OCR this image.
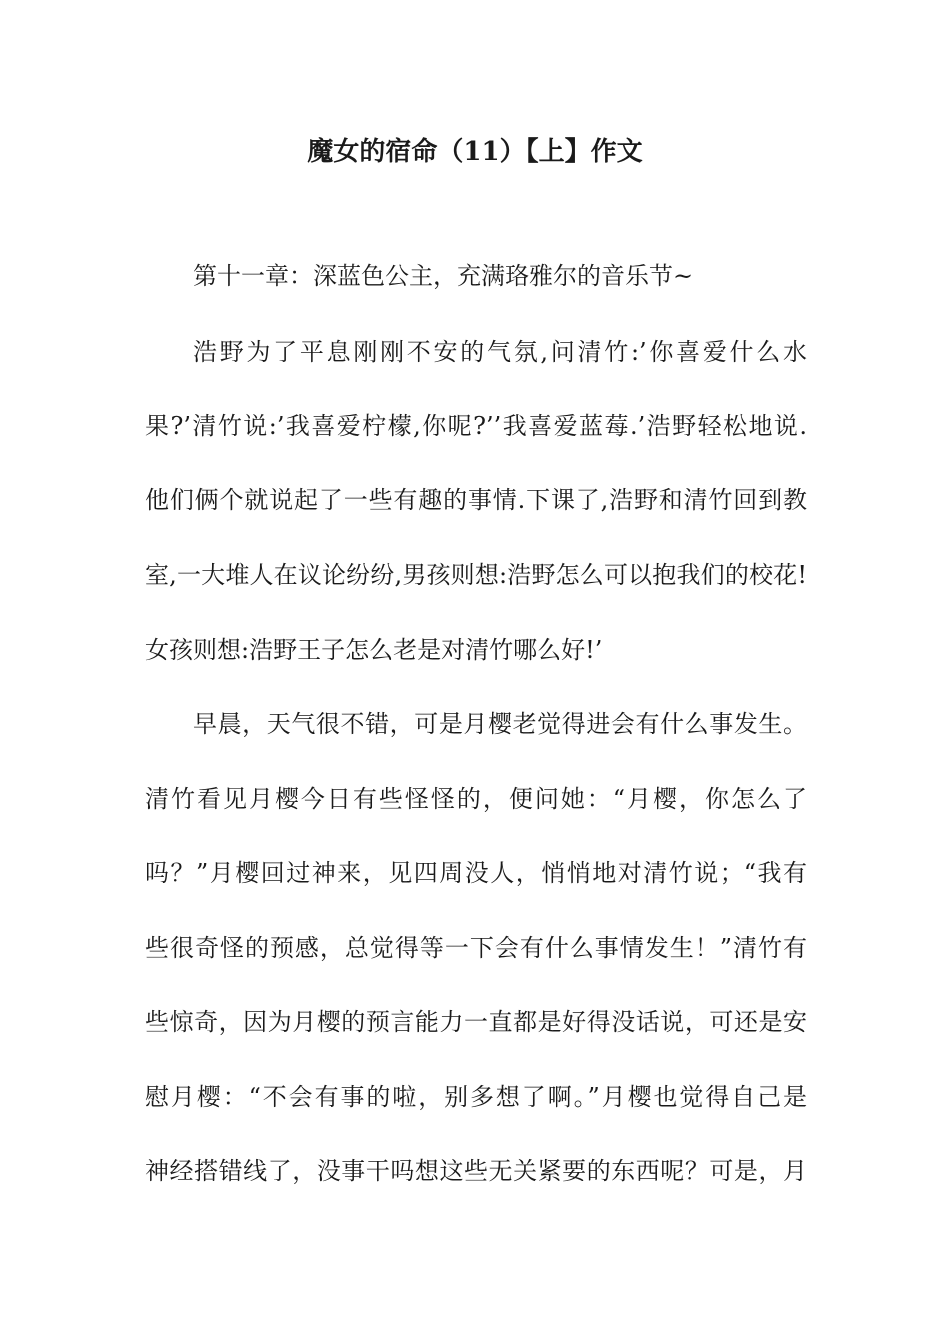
魔女的宿命（11）【上】作文
第十一章：深蓝色公主，充满珞雅尔的音乐节~
浩野为了平息刚刚不安的气氛,问清竹:’你喜爱什么水
果?’清竹说:’我喜爱柠檬,你呢?’’我喜爱蓝莓.’浩野轻松地说.
他们俩个就说起了一些有趣的事情.下课了,浩野和清竹回到教
室,一大堆人在议论纷纷,男孩则想:浩野怎么可以抱我们的校花!
女孩则想:浩野王子怎么老是对清竹哪么好!’
早晨，天气很不错，可是月樱老觉得进会有什么事发生。
清竹看见月樱今日有些怪怪的，便问她：“月樱，你怎么了
吗？”月樱回过神来，见四周没人，悄悄地对清竹说；“我有
些很奇怪的预感，总觉得等一下会有什么事情发生！”清竹有
些惊奇，因为月樱的预言能力一直都是好得没话说，可还是安
慰月樱：“不会有事的啦，别多想了啊。”月樱也觉得自己是
神经搭错线了，没事干吗想这些无关紧要的东西呢？可是，月
